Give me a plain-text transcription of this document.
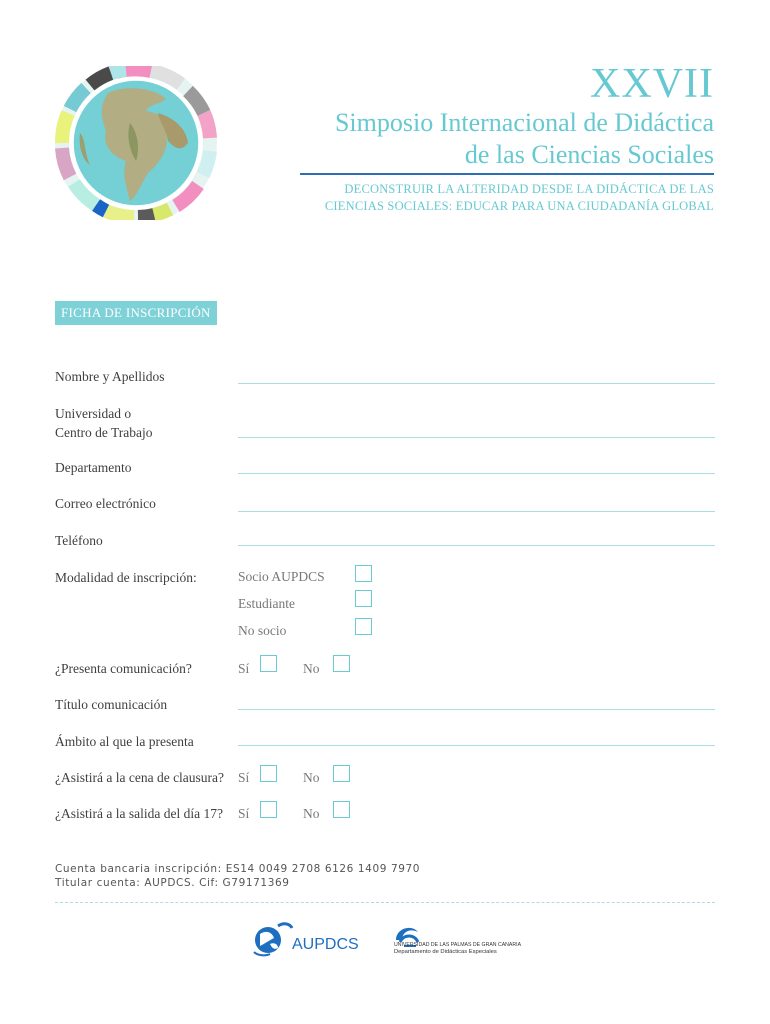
XXVII
Simposio Internacional de Didáctica
de las Ciencias Sociales
DECONSTRUIR LA ALTERIDAD DESDE LA DIDÁCTICA DE LAS
CIENCIAS SOCIALES: EDUCAR PARA UNA CIUDADANÍA GLOBAL
FICHA DE INSCRIPCIÓN
Nombre y Apellidos
Universidad o
Centro de Trabajo
Departamento
Correo electrónico
Teléfono
Modalidad de inscripción:	Socio AUPDCS
Estudiante
No socio
¿Presenta comunicación?	Sí	No
Título comunicación
Ámbito al que la presenta
¿Asistirá a la cena de clausura? Sí	No
¿Asistirá a la salida del día 17? Sí	No
Cuenta bancaria inscripción: ES14 0049 2708 6126 1409 7970
Titular cuenta: AUPDCS. Cif: G79171369
AUPDCS	UNIVERSIDAD DE LAS PALMAS DE GRAN CANARIA
Departamento de Didácticas Especiales
